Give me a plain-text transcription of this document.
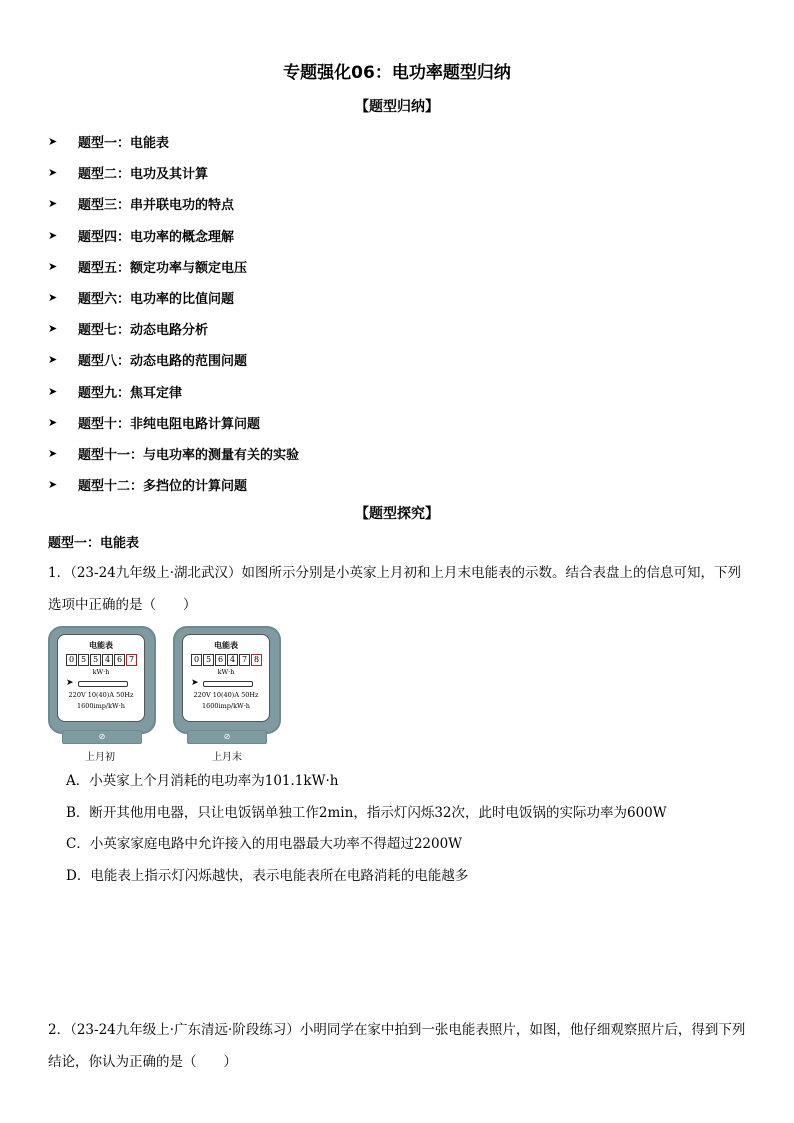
专题强化06：电功率题型归纳
【题型归纳】
➤	题型一：电能表
➤	题型二：电功及其计算
➤	题型三：串并联电功的特点
➤	题型四：电功率的概念理解
➤	题型五：额定功率与额定电压
➤	题型六：电功率的比值问题
➤	题型七：动态电路分析
➤	题型八：动态电路的范围问题
➤	题型九：焦耳定律
➤	题型十：非纯电阻电路计算问题
➤	题型十一：与电功率的测量有关的实验
➤	题型十二：多挡位的计算问题
【题型探究】
题型一：电能表
1．（23-24九年级上·湖北武汉）如图所示分别是小英家上月初和上月末电能表的示数。结合表盘上的信息可知，下列选项中正确的是（　　）
电能表
0 5 5 4 6 7
kW·h
➤
220V 10(40)A 50Hz
1600imp/kW·h
⊘
上月初
电能表
0 5 6 4 7 8
kW·h
➤
220V 10(40)A 50Hz
1600imp/kW·h
⊘
上月末
A．小英家上个月消耗的电功率为101.1kW·h
B．断开其他用电器，只让电饭锅单独工作2min，指示灯闪烁32次，此时电饭锅的实际功率为600W
C．小英家家庭电路中允许接入的用电器最大功率不得超过2200W
D．电能表上指示灯闪烁越快，表示电能表所在电路消耗的电能越多
2．（23-24九年级上·广东清远·阶段练习）小明同学在家中拍到一张电能表照片，如图，他仔细观察照片后，得到下列结论，你认为正确的是（　　）
